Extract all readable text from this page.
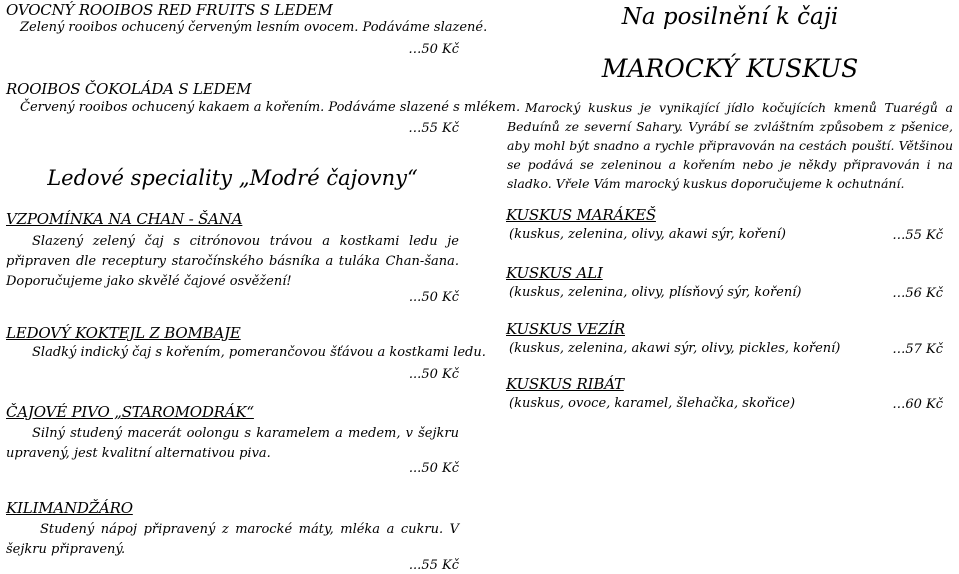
OVOCNÝ ROOIBOS RED FRUITS S LEDEM
Zelený rooibos ochucený červeným lesním ovocem. Podáváme slazené.
…50 Kč
ROOIBOS ČOKOLÁDA S LEDEM
Červený rooibos ochucený kakaem a kořením. Podáváme slazené s mlékem.
…55 Kč
Ledové speciality „Modré čajovny“
VZPOMÍNKA NA CHAN - ŠANA
Slazený zelený čaj s citrónovou trávou a kostkami ledu je připraven dle receptury staročínského básníka a tuláka Chan-šana. Doporučujeme jako skvělé čajové osvěžení!
...50 Kč
LEDOVÝ KOKTEJL Z BOMBAJE
Sladký indický čaj s kořením, pomerančovou šťávou a kostkami ledu.
...50 Kč
ČAJOVÉ PIVO „STAROMODRÁK“
Silný studený macerát oolongu s karamelem a medem, v šejkru upravený, jest kvalitní alternativou piva.
...50 Kč
KILIMANDŽÁRO
Studený nápoj připravený z marocké máty, mléka a cukru. V šejkru připravený.
...55 Kč
Na posilnění k čaji
MAROCKÝ KUSKUS
Marocký kuskus je vynikající jídlo kočujících kmenů Tuarégů a Beduínů ze severní Sahary. Vyrábí se zvláštním způsobem z pšenice, aby mohl být snadno a rychle připravován na cestách pouští. Většinou se podává se zeleninou a kořením nebo je někdy připravován i na sladko. Vřele Vám marocký kuskus doporučujeme k ochutnání.
KUSKUS MARÁKEŠ
(kuskus, zelenina, olivy, akawi sýr, koření)	…55 Kč
KUSKUS ALI
(kuskus, zelenina, olivy, plísňový sýr, koření)	…56 Kč
KUSKUS VEZÍR
(kuskus, zelenina, akawi sýr, olivy, pickles, koření)	…57 Kč
KUSKUS RIBÁT
(kuskus, ovoce, karamel, šlehačka, skořice)	…60 Kč
